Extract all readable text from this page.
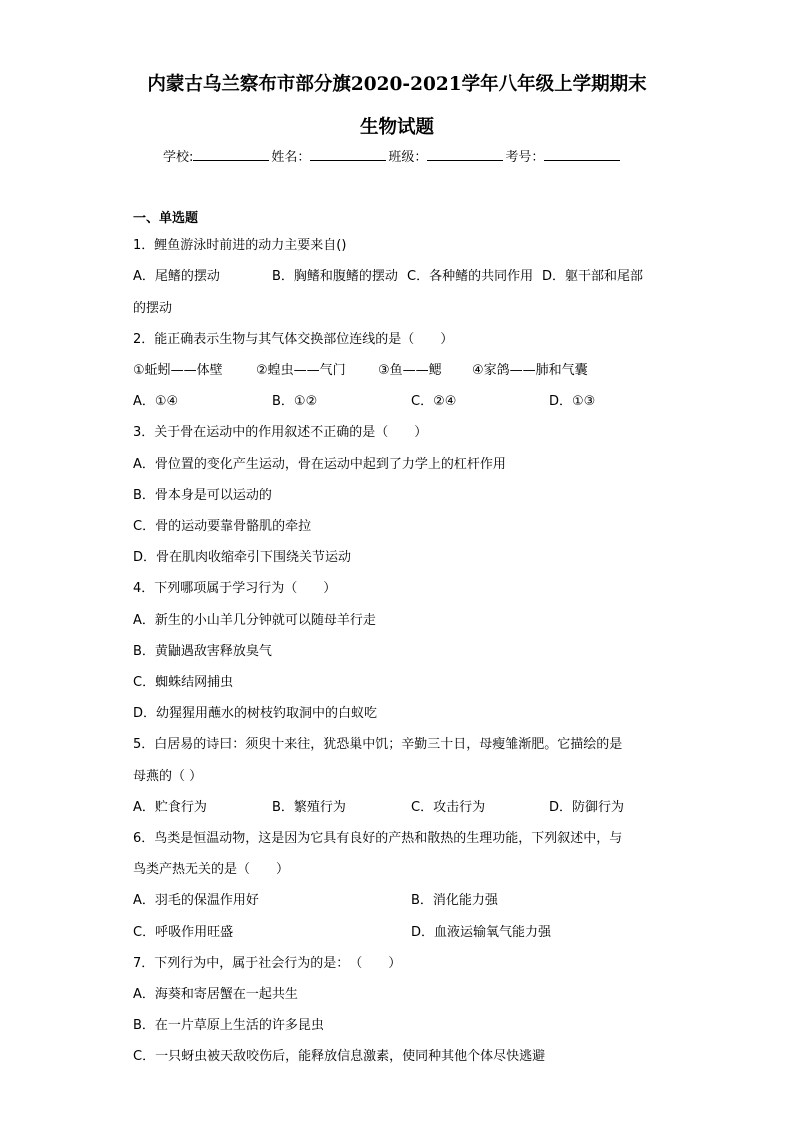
内蒙古乌兰察布市部分旗2020-2021学年八年级上学期期末
生物试题
学校:	姓名：	班级：	考号：
一、单选题
1．鲤鱼游泳时前进的动力主要来自()
A．尾鳍的摆动	B．胸鳍和腹鳍的摆动 C．各种鳍的共同作用 D．躯干部和尾部
的摆动
2．能正确表示生物与其气体交换部位连线的是（　　）
①蚯蚓——体壁	②蝗虫——气门 ③鱼——鳃 ④家鸽——肺和气囊
A．①④	B．①②	C．②④	D．①③
3．关于骨在运动中的作用叙述不正确的是（　　）
A．骨位置的变化产生运动，骨在运动中起到了力学上的杠杆作用
B．骨本身是可以运动的
C．骨的运动要靠骨骼肌的牵拉
D．骨在肌肉收缩牵引下围绕关节运动
4．下列哪项属于学习行为（　　）
A．新生的小山羊几分钟就可以随母羊行走
B．黄鼬遇敌害释放臭气
C．蜘蛛结网捕虫
D．幼猩猩用蘸水的树枝钓取洞中的白蚁吃
5．白居易的诗曰：须臾十来往，犹恐巢中饥；辛勤三十日，母瘦雏渐肥。它描绘的是
母燕的（ ）
A．贮食行为	B．繁殖行为	C．攻击行为	D．防御行为
6．鸟类是恒温动物，这是因为它具有良好的产热和散热的生理功能，下列叙述中，与
鸟类产热无关的是（　　）
A．羽毛的保温作用好	B．消化能力强
C．呼吸作用旺盛	D．血液运输氧气能力强
7．下列行为中，属于社会行为的是：　（　　）
A．海葵和寄居蟹在一起共生
B．在一片草原上生活的许多昆虫
C．一只蚜虫被天敌咬伤后，能释放信息激素，使同种其他个体尽快逃避
